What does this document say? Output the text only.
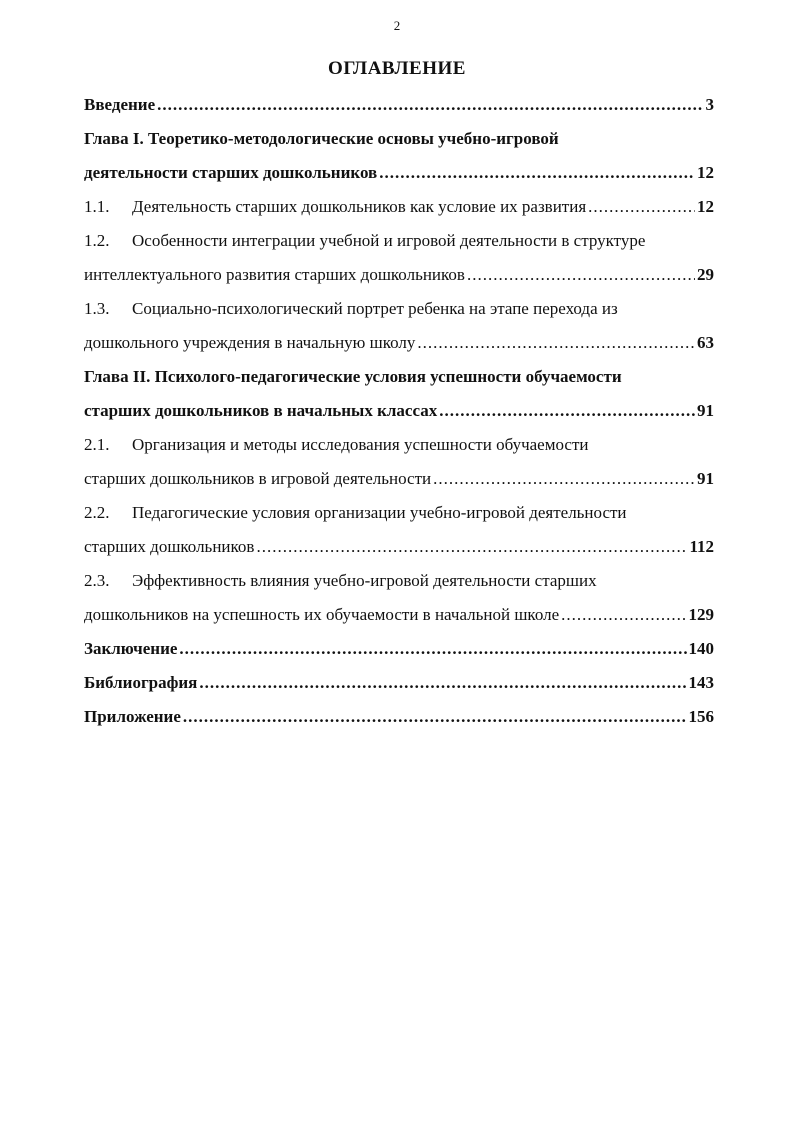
2
ОГЛАВЛЕНИЕ
Введение .....	3
Глава I. Теоретико-методологические основы учебно-игровой
деятельности старших дошкольников .....	12
1.1. Деятельность старших дошкольников как условие их развития .....	12
1.2. Особенности интеграции учебной и игровой деятельности в структуре
интеллектуального развития старших дошкольников .....	29
1.3. Социально-психологический портрет ребенка на этапе перехода из
дошкольного учреждения в начальную школу .....	63
Глава II. Психолого-педагогические условия успешности обучаемости
старших дошкольников в начальных классах .....	91
2.1. Организация и методы исследования успешности обучаемости
старших дошкольников в игровой деятельности .....	91
2.2. Педагогические условия организации учебно-игровой деятельности
старших дошкольников .....	112
2.3. Эффективность влияния учебно-игровой деятельности старших
дошкольников на успешность их обучаемости в начальной школе .....	129
Заключение .....	140
Библиография .....	143
Приложение .....	156
